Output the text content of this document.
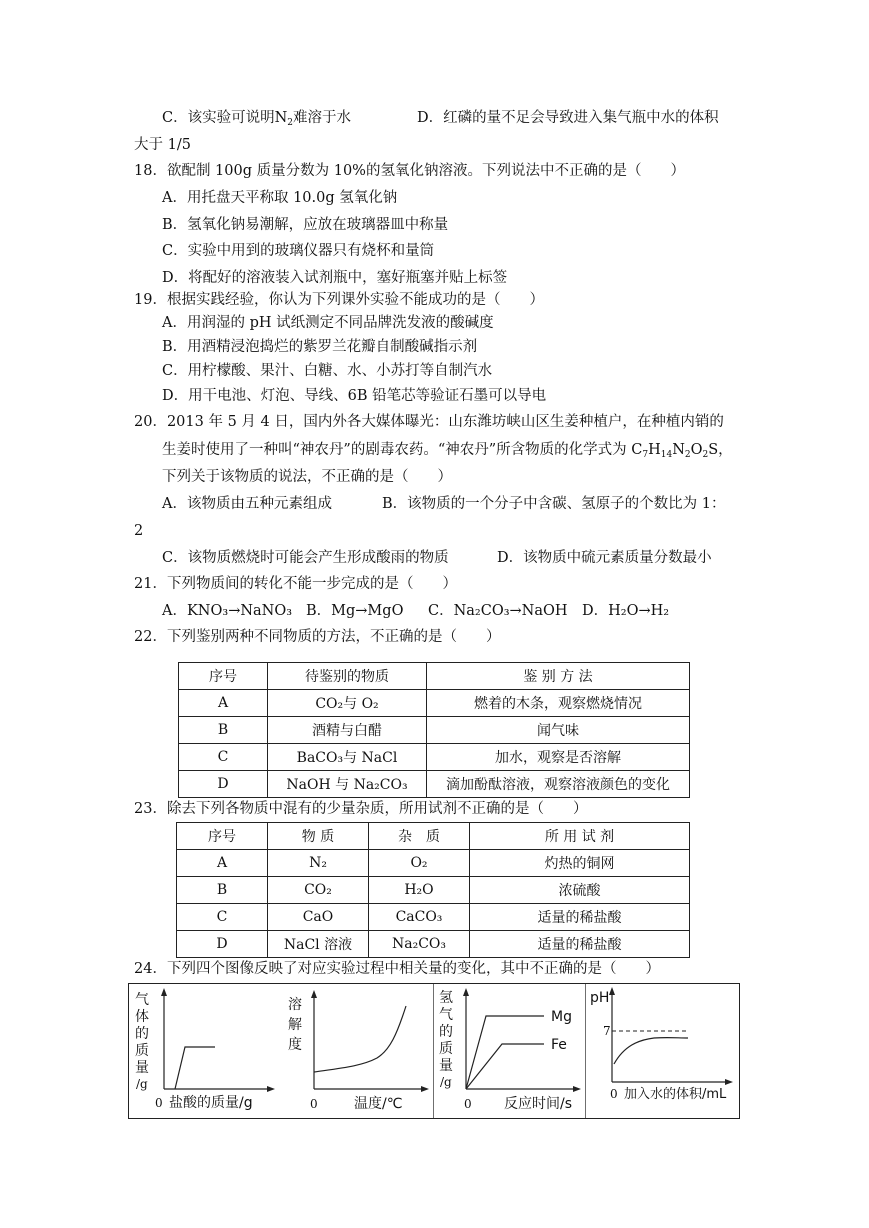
C．该实验可说明$N_2$难溶于水	D．红磷的量不足会导致进入集气瓶中水的体积
大于 1/5
18．欲配制 100g 质量分数为 10%的氢氧化钠溶液。下列说法中不正确的是（　　）
A．用托盘天平称取 10.0g 氢氧化钠
B．氢氧化钠易潮解，应放在玻璃器皿中称量
C．实验中用到的玻璃仪器只有烧杯和量筒
D．将配好的溶液装入试剂瓶中，塞好瓶塞并贴上标签
19．根据实践经验，你认为下列课外实验不能成功的是（　　）
A．用润湿的 pH 试纸测定不同品牌洗发液的酸碱度
B．用酒精浸泡捣烂的紫罗兰花瓣自制酸碱指示剂
C．用柠檬酸、果汁、白糖、水、小苏打等自制汽水
D．用干电池、灯泡、导线、6B 铅笔芯等验证石墨可以导电
20．2013 年 5 月 4 日，国内外各大媒体曝光：山东潍坊峡山区生姜种植户，在种植内销的
生姜时使用了一种叫“神农丹”的剧毒农药。“神农丹”所含物质的化学式为 $C_7H_{14}N_2O_2S$，
下列关于该物质的说法，不正确的是（　　）
A．该物质由五种元素组成	B．该物质的一个分子中含碳、氢原子的个数比为 1：
2
C．该物质燃烧时可能会产生形成酸雨的物质	D．该物质中硫元素质量分数最小
21．下列物质间的转化不能一步完成的是（　　）
A．KNO₃→NaNO₃ B．Mg→MgO C．Na₂CO₃→NaOH D．H₂O→H₂
22．下列鉴别两种不同物质的方法，不正确的是（　　）
序号	待鉴别的物质	鉴 别 方 法
A	CO₂与 O₂	燃着的木条，观察燃烧情况
B	酒精与白醋	闻气味
C	BaCO₃与 NaCl	加水，观察是否溶解
D	NaOH 与 Na₂CO₃	滴加酚酞溶液，观察溶液颜色的变化
23．除去下列各物质中混有的少量杂质，所用试剂不正确的是（　　）
序号	物 质	杂　质	所 用 试 剂
A	N₂	O₂	灼热的铜网
B	CO₂	H₂O	浓硫酸
C	CaO	CaCO₃	适量的稀盐酸
D	NaCl 溶液	Na₂CO₃	适量的稀盐酸
24．下列四个图像反映了对应实验过程中相关量的变化，其中不正确的是（　　）
气
体
的
质
量
/g
0 盐酸的质量/g
溶
解
度
0	温度/℃
氢
气
的
质
量
/g
Mg
Fe
0 反应时间/s
pH
7
0 加入水的体积/mL
